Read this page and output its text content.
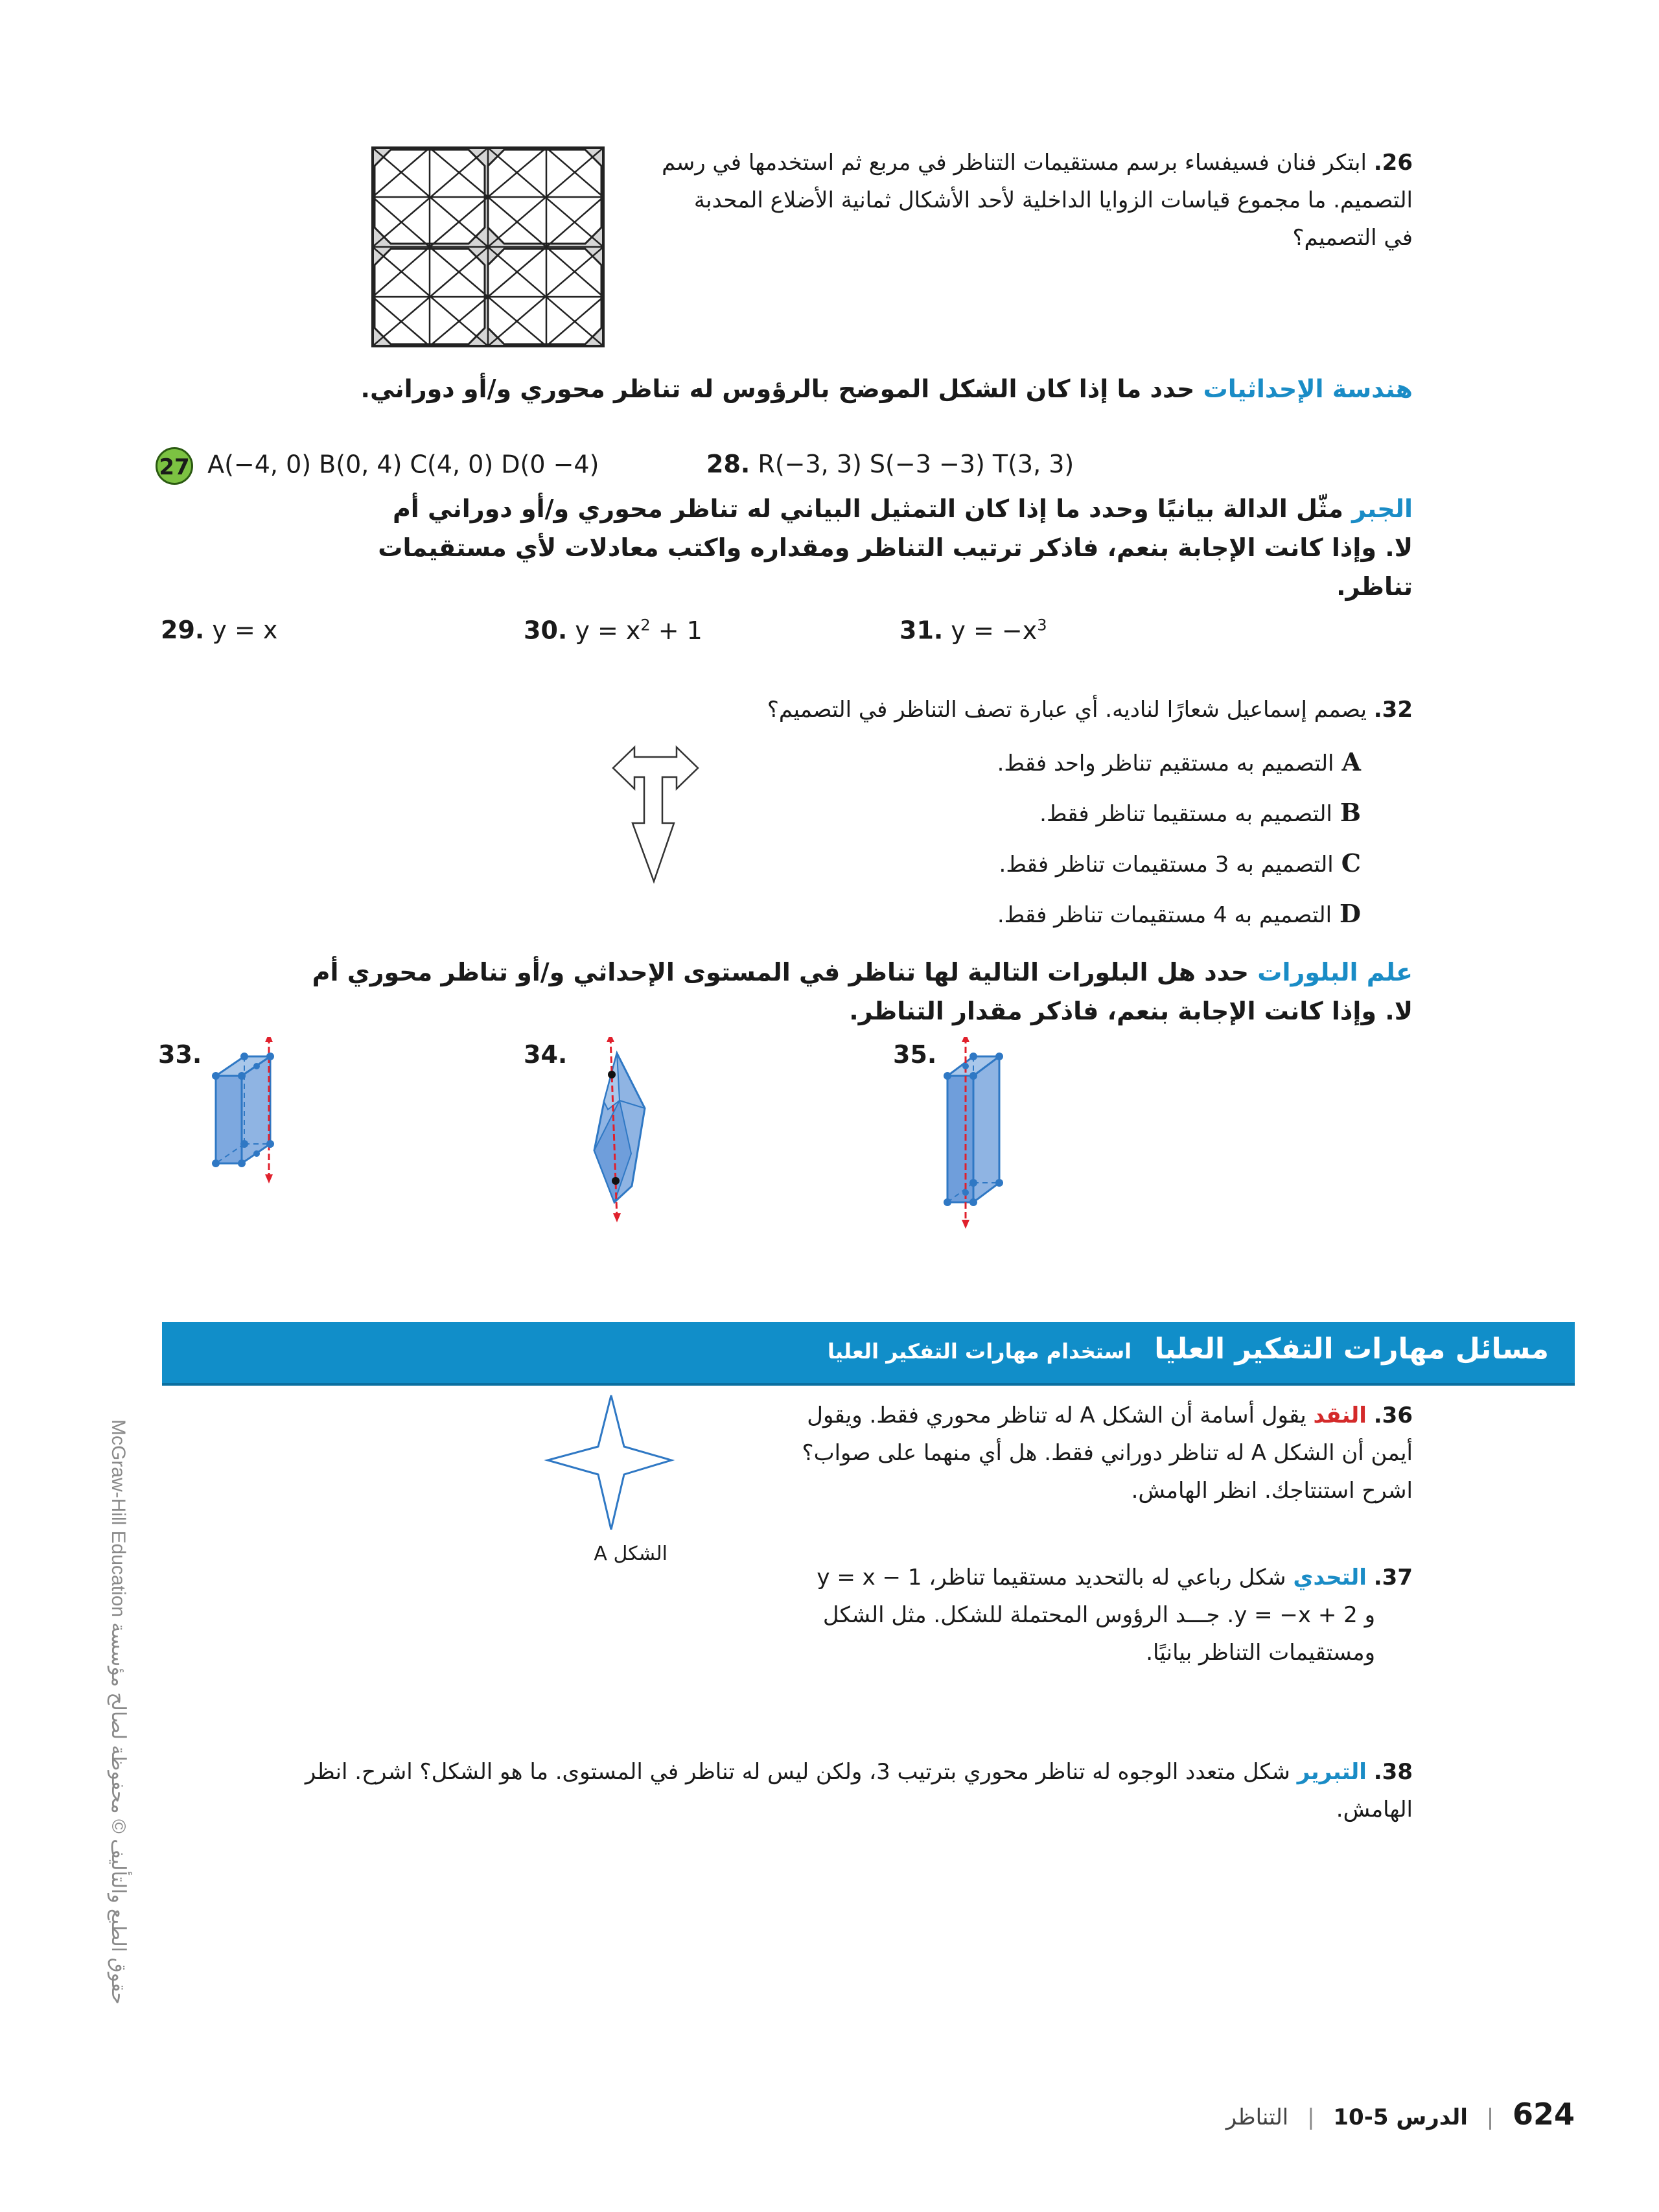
26. ابتكر فنان فسيفساء برسم مستقيمات التناظر في مربع ثم استخدمها في رسم التصميم. ما مجموع قياسات الزوايا الداخلية لأحد الأشكال ثمانية الأضلاع المحدبة في التصميم؟
هندسة الإحداثيات حدد ما إذا كان الشكل الموضح بالرؤوس له تناظر محوري و/أو دوراني.
27 A(−4, 0) B(0, 4) C(4, 0) D(0 −4)	28. R(−3, 3) S(−3 −3) T(3, 3)
الجبر مثّل الدالة بيانيًا وحدد ما إذا كان التمثيل البياني له تناظر محوري و/أو دوراني أم لا. وإذا كانت الإجابة بنعم، فاذكر ترتيب التناظر ومقداره واكتب معادلات لأي مستقيمات تناظر.
29. y = x	30. $y = x^2 + 1$	31. $y = -x^3$
32. يصمم إسماعيل شعارًا لناديه. أي عبارة تصف التناظر في التصميم؟
Aالتصميم به مستقيم تناظر واحد فقط.
Bالتصميم به مستقيما تناظر فقط.
Cالتصميم به 3 مستقيمات تناظر فقط.
Dالتصميم به 4 مستقيمات تناظر فقط.
علم البلورات حدد هل البلورات التالية لها تناظر في المستوى الإحداثي و/أو تناظر محوري أم لا. وإذا كانت الإجابة بنعم، فاذكر مقدار التناظر.
33.	34.	35.
مسائل مهارات التفكير العليا استخدام مهارات التفكير العليا
الشكل A
36. النقد يقول أسامة أن الشكل A له تناظر محوري فقط. ويقول أيمن أن الشكل A له تناظر دوراني فقط. هل أي منهما على صواب؟ اشرح استنتاجك. انظر الهامش.
37. التحدي شكل رباعي له بالتحديد مستقيما تناظر، y = x − 1
و y = −x + 2. جـــد الرؤوس المحتملة للشكل. مثل الشكل
ومستقيمات التناظر بيانيًا.
38. التبرير شكل متعدد الوجوه له تناظر محوري بترتيب 3، ولكن ليس له تناظر في المستوى. ما هو الشكل؟ اشرح. انظر الهامش.
McGraw-Hill Education حقوق الطبع والتأليف © محفوظة لصالح مؤسسة
624 | الدرس 5-10 | التناظر
